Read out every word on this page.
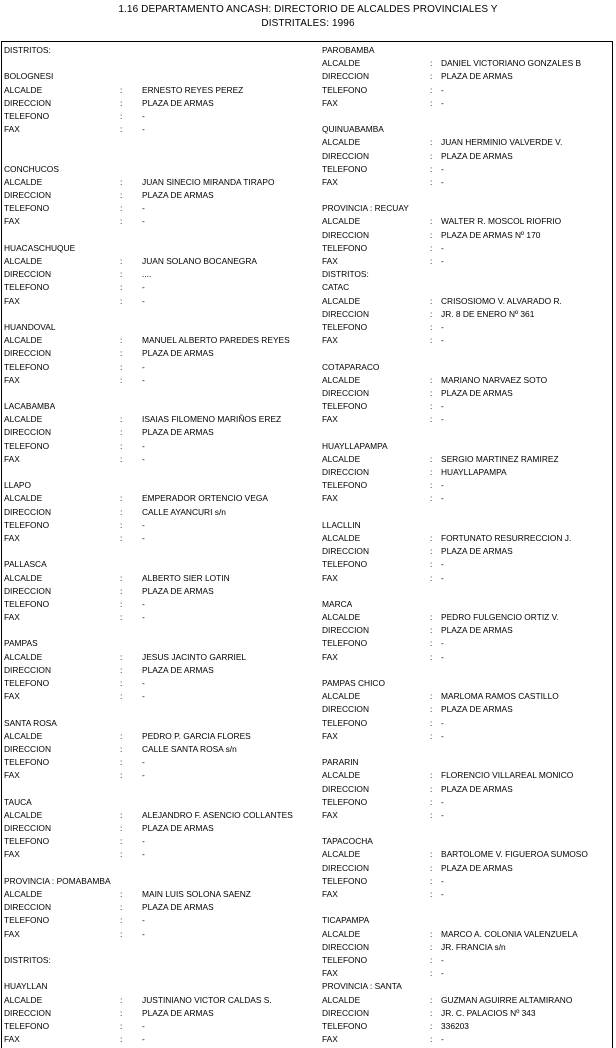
1.16 DEPARTAMENTO ANCASH: DIRECTORIO DE ALCALDES PROVINCIALES Y
DISTRITALES: 1996
DISTRITOS:
BOLOGNESI
ALCALDE	: ERNESTO REYES PEREZ
DIRECCION	: PLAZA DE ARMAS
TELEFONO	: -
FAX	: -
CONCHUCOS
ALCALDE	: JUAN SINECIO MIRANDA TIRAPO
DIRECCION	: PLAZA DE ARMAS
TELEFONO	: -
FAX	: -
HUACASCHUQUE
ALCALDE	: JUAN SOLANO BOCANEGRA
DIRECCION	: ....
TELEFONO	: -
FAX	: -
HUANDOVAL
ALCALDE	: MANUEL ALBERTO PAREDES REYES
DIRECCION	: PLAZA DE ARMAS
TELEFONO	: -
FAX	: -
LACABAMBA
ALCALDE	: ISAIAS FILOMENO MARIÑOS EREZ
DIRECCION	: PLAZA DE ARMAS
TELEFONO	: -
FAX	: -
LLAPO
ALCALDE	: EMPERADOR ORTENCIO VEGA
DIRECCION	: CALLE AYANCURI s/n
TELEFONO	: -
FAX	: -
PALLASCA
ALCALDE	: ALBERTO SIER LOTIN
DIRECCION	: PLAZA DE ARMAS
TELEFONO	: -
FAX	: -
PAMPAS
ALCALDE	: JESUS JACINTO GARRIEL
DIRECCION	: PLAZA DE ARMAS
TELEFONO	: -
FAX	: -
SANTA ROSA
ALCALDE	: PEDRO P. GARCIA FLORES
DIRECCION	: CALLE SANTA ROSA s/n
TELEFONO	: -
FAX	: -
TAUCA
ALCALDE	: ALEJANDRO F. ASENCIO COLLANTES
DIRECCION	: PLAZA DE ARMAS
TELEFONO	: -
FAX	: -
PROVINCIA : POMABAMBA
ALCALDE	: MAIN LUIS SOLONA SAENZ
DIRECCION	: PLAZA DE ARMAS
TELEFONO	: -
FAX	: -
DISTRITOS:
HUAYLLAN
ALCALDE	: JUSTINIANO VICTOR CALDAS S.
DIRECCION	: PLAZA DE ARMAS
TELEFONO	: -
FAX	: -
PAROBAMBA
ALCALDE	: DANIEL VICTORIANO GONZALES B
DIRECCION	: PLAZA DE ARMAS
TELEFONO	: -
FAX	: -
QUINUABAMBA
ALCALDE	: JUAN HERMINIO VALVERDE V.
DIRECCION	: PLAZA DE ARMAS
TELEFONO	: -
FAX	: -
PROVINCIA : RECUAY
ALCALDE	: WALTER R. MOSCOL RIOFRIO
DIRECCION	: PLAZA DE ARMAS Nº 170
TELEFONO	: -
FAX	: -
DISTRITOS:
CATAC
ALCALDE	: CRISOSIOMO V. ALVARADO R.
DIRECCION	: JR. 8 DE ENERO Nº 361
TELEFONO	: -
FAX	: -
COTAPARACO
ALCALDE	: MARIANO NARVAEZ SOTO
DIRECCION	: PLAZA DE ARMAS
TELEFONO	: -
FAX	: -
HUAYLLAPAMPA
ALCALDE	: SERGIO MARTINEZ RAMIREZ
DIRECCION	: HUAYLLAPAMPA
TELEFONO	: -
FAX	: -
LLACLLIN
ALCALDE	: FORTUNATO RESURRECCION J.
DIRECCION	: PLAZA DE ARMAS
TELEFONO	: -
FAX	: -
MARCA
ALCALDE	: PEDRO FULGENCIO ORTIZ V.
DIRECCION	: PLAZA DE ARMAS
TELEFONO	: -
FAX	: -
PAMPAS CHICO
ALCALDE	: MARLOMA RAMOS CASTILLO
DIRECCION	: PLAZA DE ARMAS
TELEFONO	: -
FAX	: -
PARARIN
ALCALDE	: FLORENCIO VILLAREAL MONICO
DIRECCION	: PLAZA DE ARMAS
TELEFONO	: -
FAX	: -
TAPACOCHA
ALCALDE	: BARTOLOME V. FIGUEROA SUMOSO
DIRECCION	: PLAZA DE ARMAS
TELEFONO	: -
FAX	: -
TICAPAMPA
ALCALDE	: MARCO A. COLONIA VALENZUELA
DIRECCION	: JR. FRANCIA s/n
TELEFONO	: -
FAX	: -
PROVINCIA : SANTA
ALCALDE	: GUZMAN AGUIRRE ALTAMIRANO
DIRECCION	: JR. C. PALACIOS Nº 343
TELEFONO	: 336203
FAX	: -
